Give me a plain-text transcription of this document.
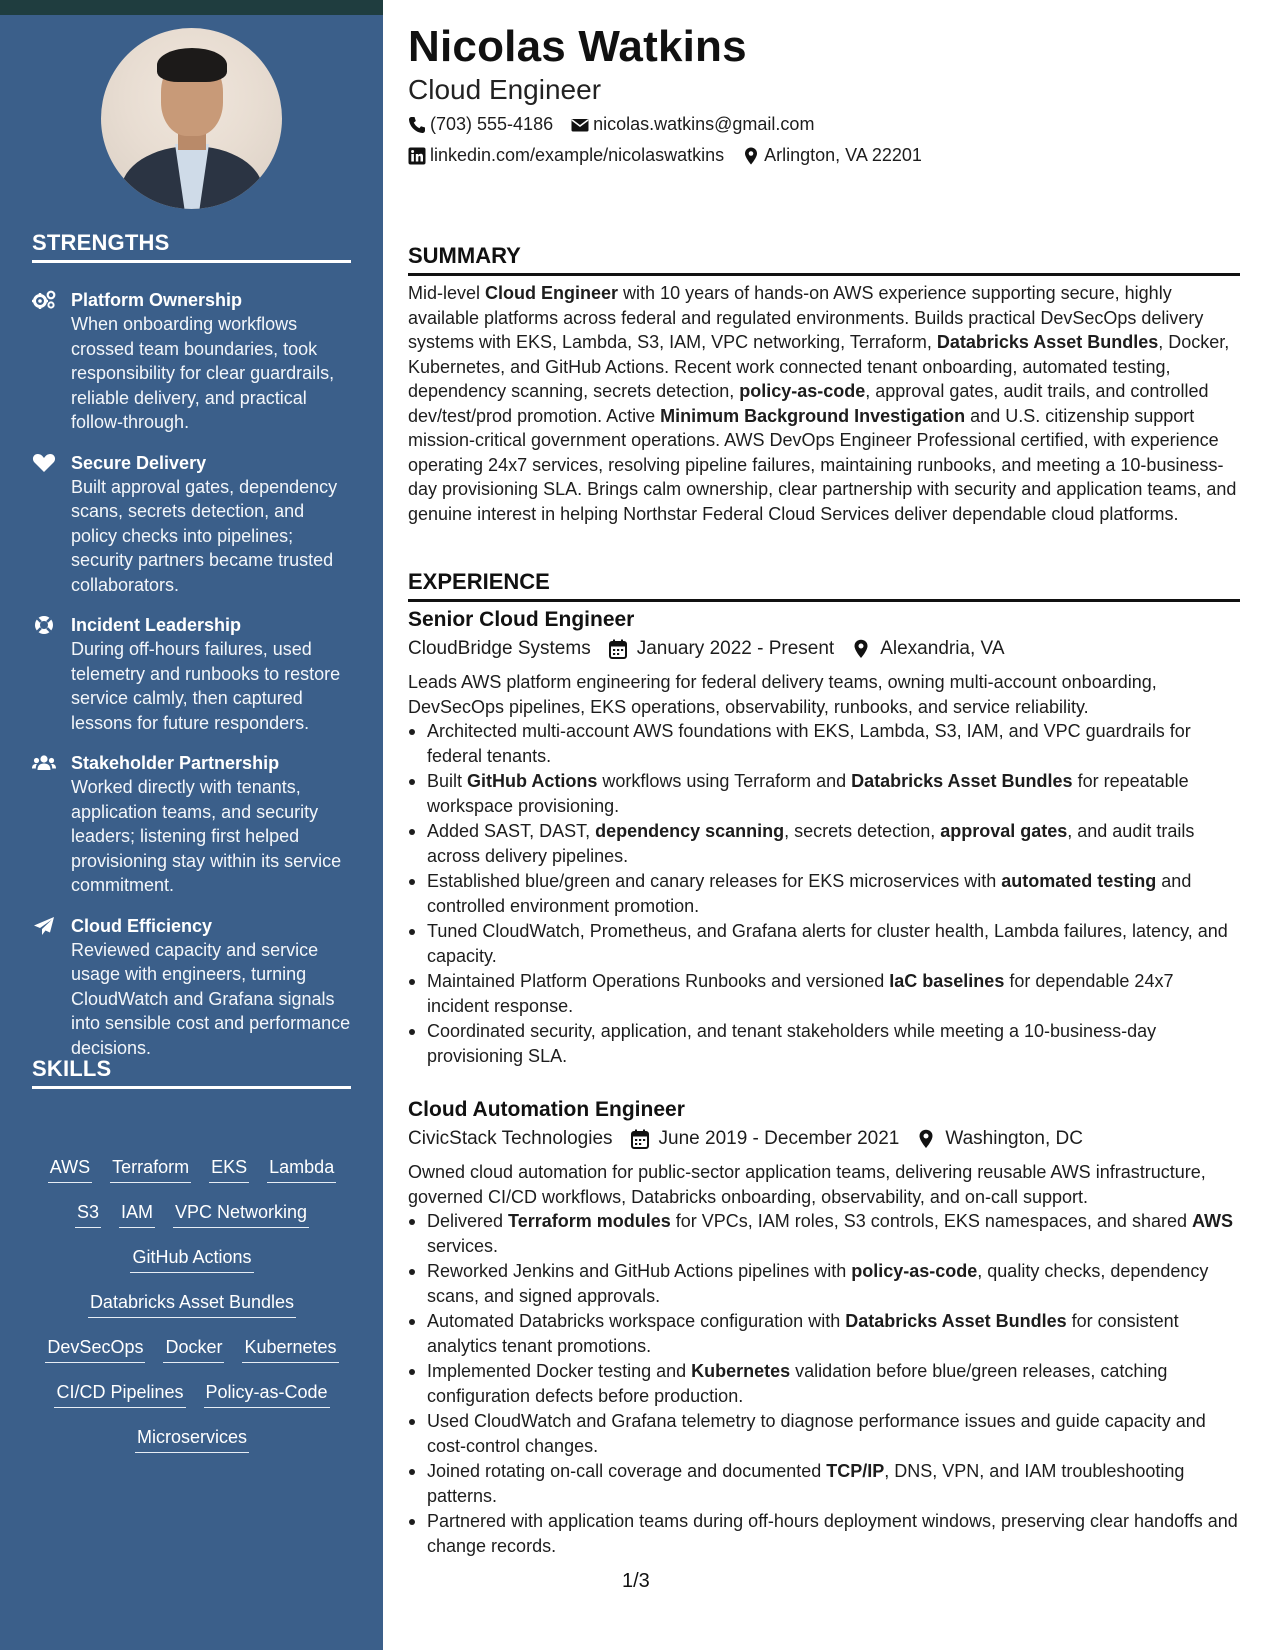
STRENGTHS
Platform Ownership
When onboarding workflows crossed team boundaries, took responsibility for clear guardrails, reliable delivery, and practical follow-through.
Secure Delivery
Built approval gates, dependency scans, secrets detection, and policy checks into pipelines; security partners became trusted collaborators.
Incident Leadership
During off-hours failures, used telemetry and runbooks to restore service calmly, then captured lessons for future responders.
Stakeholder Partnership
Worked directly with tenants, application teams, and security leaders; listening first helped provisioning stay within its service commitment.
Cloud Efficiency
Reviewed capacity and service usage with engineers, turning CloudWatch and Grafana signals into sensible cost and performance decisions.
SKILLS
AWS Terraform EKS Lambda
S3 IAM VPC Networking
GitHub Actions
Databricks Asset Bundles
DevSecOps Docker Kubernetes
CI/CD Pipelines Policy-as-Code
Microservices
Nicolas Watkins
Cloud Engineer
(703) 555-4186 nicolas.watkins@gmail.com
linkedin.com/example/nicolaswatkins Arlington, VA 22201
SUMMARY
Mid-level Cloud Engineer with 10 years of hands-on AWS experience supporting secure, highly available platforms across federal and regulated environments. Builds practical DevSecOps delivery systems with EKS, Lambda, S3, IAM, VPC networking, Terraform, Databricks Asset Bundles, Docker, Kubernetes, and GitHub Actions. Recent work connected tenant onboarding, automated testing, dependency scanning, secrets detection, policy-as-code, approval gates, audit trails, and controlled dev/test/prod promotion. Active Minimum Background Investigation and U.S. citizenship support mission-critical government operations. AWS DevOps Engineer Professional certified, with experience operating 24x7 services, resolving pipeline failures, maintaining runbooks, and meeting a 10-business-day provisioning SLA. Brings calm ownership, clear partnership with security and application teams, and genuine interest in helping Northstar Federal Cloud Services deliver dependable cloud platforms.
EXPERIENCE
Senior Cloud Engineer
CloudBridge Systems January 2022 - Present Alexandria, VA
Leads AWS platform engineering for federal delivery teams, owning multi-account onboarding, DevSecOps pipelines, EKS operations, observability, runbooks, and service reliability.
Architected multi-account AWS foundations with EKS, Lambda, S3, IAM, and VPC guardrails for federal tenants.
Built GitHub Actions workflows using Terraform and Databricks Asset Bundles for repeatable workspace provisioning.
Added SAST, DAST, dependency scanning, secrets detection, approval gates, and audit trails across delivery pipelines.
Established blue/green and canary releases for EKS microservices with automated testing and controlled environment promotion.
Tuned CloudWatch, Prometheus, and Grafana alerts for cluster health, Lambda failures, latency, and capacity.
Maintained Platform Operations Runbooks and versioned IaC baselines for dependable 24x7 incident response.
Coordinated security, application, and tenant stakeholders while meeting a 10-business-day provisioning SLA.
Cloud Automation Engineer
CivicStack Technologies June 2019 - December 2021 Washington, DC
Owned cloud automation for public-sector application teams, delivering reusable AWS infrastructure, governed CI/CD workflows, Databricks onboarding, observability, and on-call support.
Delivered Terraform modules for VPCs, IAM roles, S3 controls, EKS namespaces, and shared AWS services.
Reworked Jenkins and GitHub Actions pipelines with policy-as-code, quality checks, dependency scans, and signed approvals.
Automated Databricks workspace configuration with Databricks Asset Bundles for consistent analytics tenant promotions.
Implemented Docker testing and Kubernetes validation before blue/green releases, catching configuration defects before production.
Used CloudWatch and Grafana telemetry to diagnose performance issues and guide capacity and cost-control changes.
Joined rotating on-call coverage and documented TCP/IP, DNS, VPN, and IAM troubleshooting patterns.
Partnered with application teams during off-hours deployment windows, preserving clear handoffs and change records.
1/3
